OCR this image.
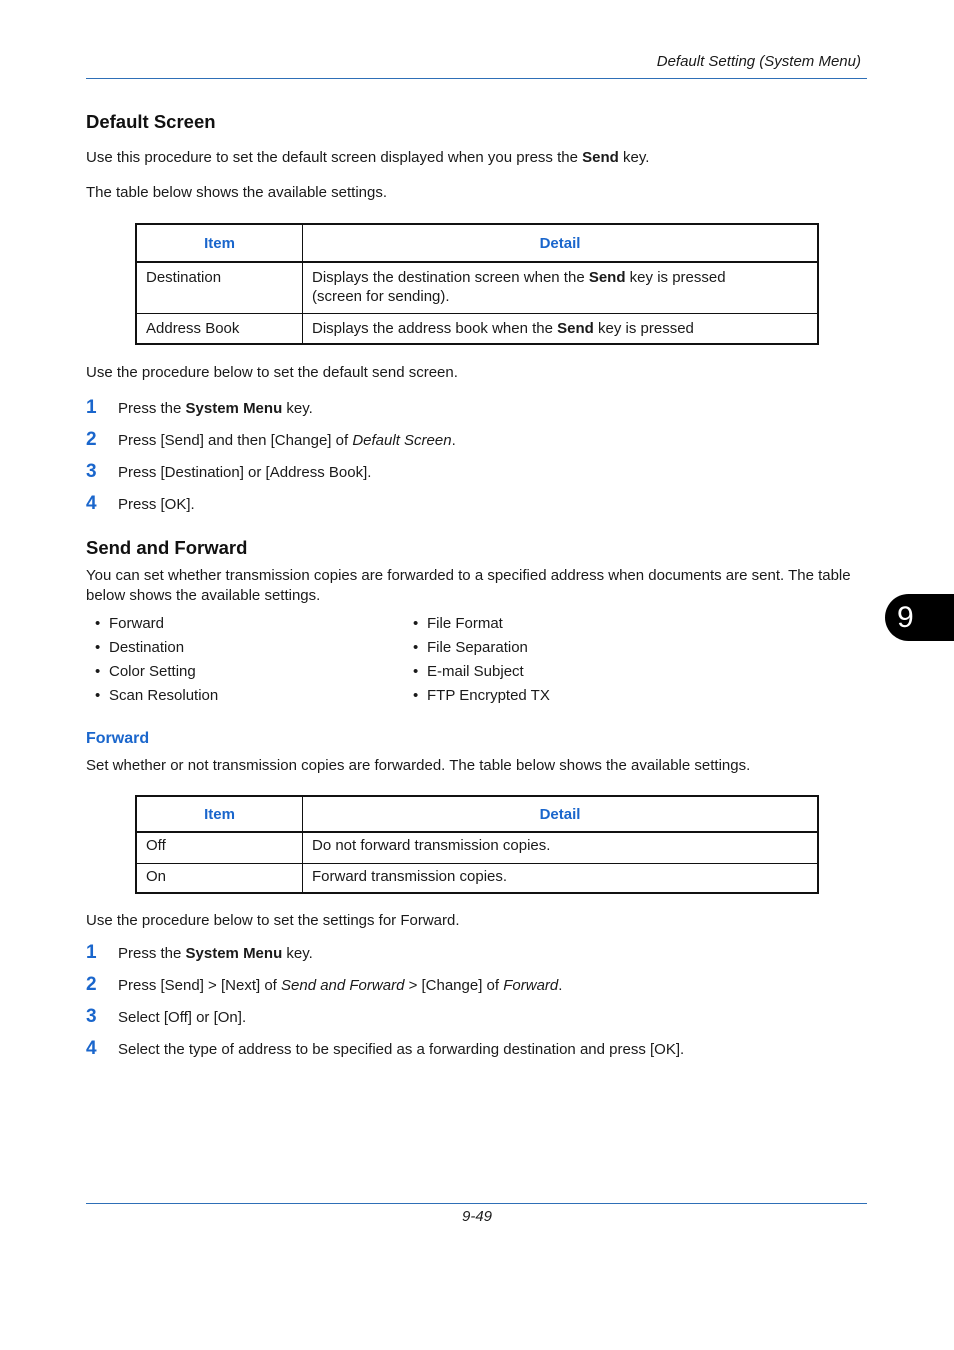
Default Setting (System Menu)
Default Screen

Use this procedure to set the default screen displayed when you press the Send key.

The table below shows the available settings.

Item	Detail
Destination	Displays the destination screen when the Send key is pressed
(screen for sending).
Address Book	Displays the address book when the Send key is pressed

Use the procedure below to set the default send screen.

1	Press the System Menu key.
2	Press [Send] and then [Change] of Default Screen.
3	Press [Destination] or [Address Book].
4	Press [OK].
Send and Forward

You can set whether transmission copies are forwarded to a specified address when documents are sent. The table below shows the available settings.

• Forward
• Destination
• Color Setting
• Scan Resolution
• File Format
• File Separation
• E-mail Subject
• FTP Encrypted TX
9
Forward

Set whether or not transmission copies are forwarded. The table below shows the available settings.

Item	Detail
Off	Do not forward transmission copies.
On	Forward transmission copies.

Use the procedure below to set the settings for Forward.

1	Press the System Menu key.
2	Press [Send] > [Next] of Send and Forward > [Change] of Forward.
3	Select [Off] or [On].
4	Select the type of address to be specified as a forwarding destination and press [OK].
9-49
